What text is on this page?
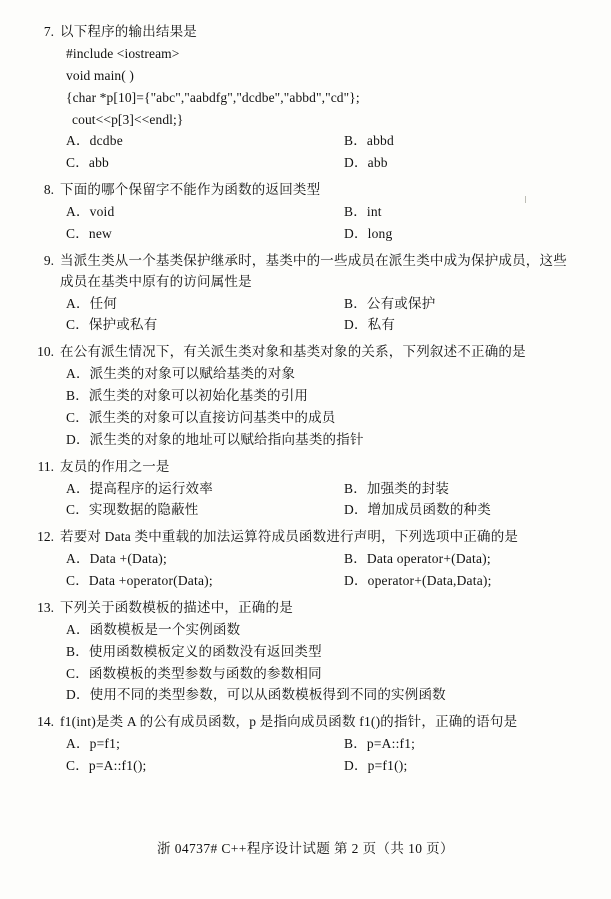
7. 以下程序的输出结果是
#include <iostream>
void main( )
{char *p[10]={"abc","aabdfg","dcdbe","abbd","cd"};
cout<<p[3]<<endl;}
A．dcdbe	B．abbd
C．abb	D．abb
8. 下面的哪个保留字不能作为函数的返回类型
A．void	B．int
C．new	D．long
9. 当派生类从一个基类保护继承时，基类中的一些成员在派生类中成为保护成员，这些成员在基类中原有的访问属性是
A．任何	B．公有或保护
C．保护或私有	D．私有
10. 在公有派生情况下，有关派生类对象和基类对象的关系，下列叙述不正确的是
A．派生类的对象可以赋给基类的对象
B．派生类的对象可以初始化基类的引用
C．派生类的对象可以直接访问基类中的成员
D．派生类的对象的地址可以赋给指向基类的指针
11. 友员的作用之一是
A．提高程序的运行效率	B．加强类的封装
C．实现数据的隐蔽性	D．增加成员函数的种类
12. 若要对 Data 类中重载的加法运算符成员函数进行声明，下列选项中正确的是
A．Data +(Data);	B．Data operator+(Data);
C．Data +operator(Data);	D．operator+(Data,Data);
13. 下列关于函数模板的描述中，正确的是
A．函数模板是一个实例函数
B．使用函数模板定义的函数没有返回类型
C．函数模板的类型参数与函数的参数相同
D．使用不同的类型参数，可以从函数模板得到不同的实例函数
14. f1(int)是类 A 的公有成员函数，p 是指向成员函数 f1()的指针，正确的语句是
A．p=f1;	B．p=A::f1;
C．p=A::f1();	D．p=f1();
浙 04737# C++程序设计试题 第 2 页（共 10 页）
